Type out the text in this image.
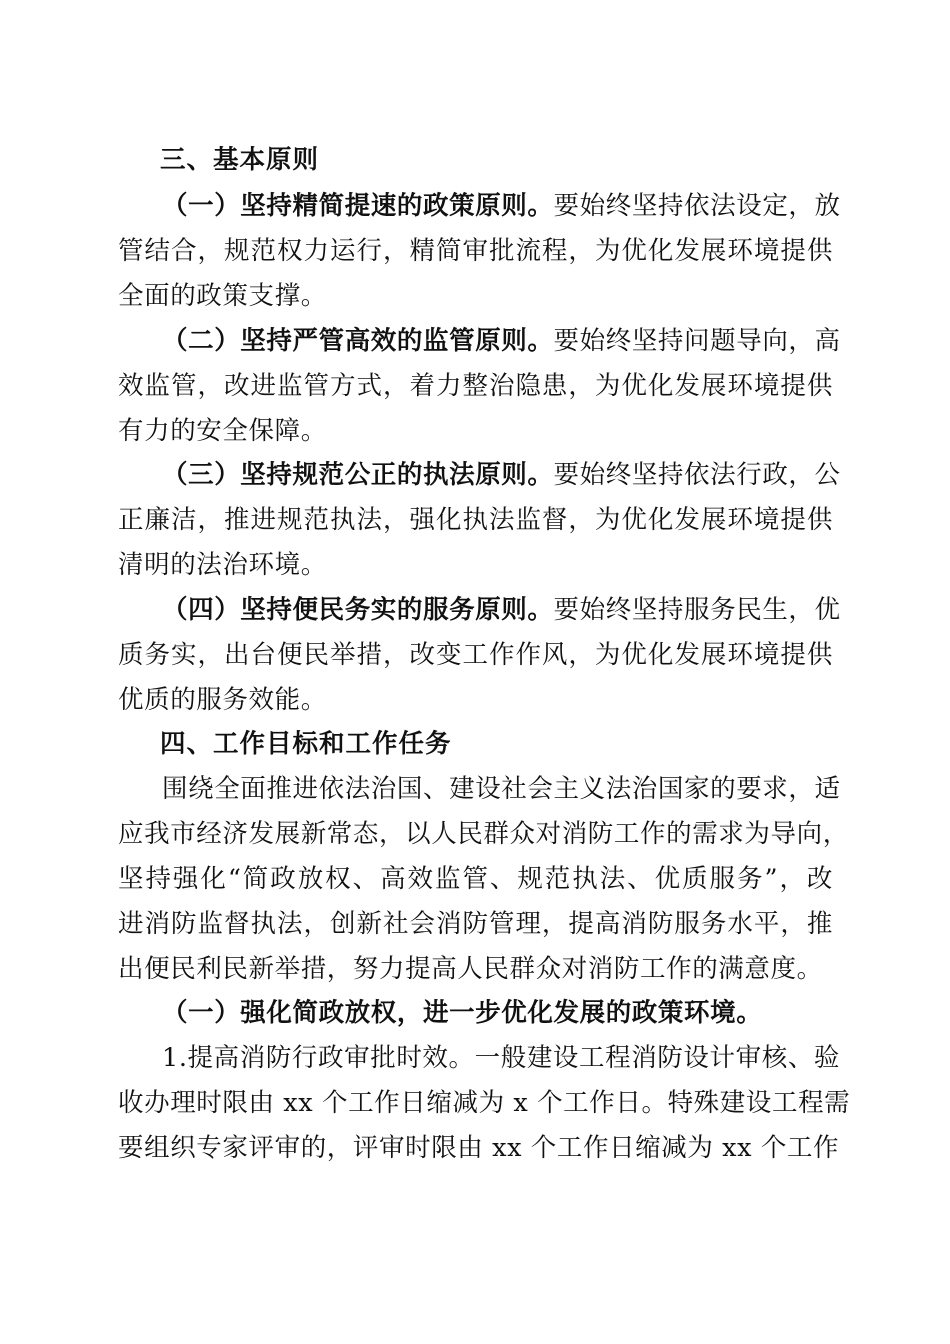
三、基本原则
（一）坚持精简提速的政策原则。要始终坚持依法设定，放
管结合，规范权力运行，精简审批流程，为优化发展环境提供
全面的政策支撑。
（二）坚持严管高效的监管原则。要始终坚持问题导向，高
效监管，改进监管方式，着力整治隐患，为优化发展环境提供
有力的安全保障。
（三）坚持规范公正的执法原则。要始终坚持依法行政，公
正廉洁，推进规范执法，强化执法监督，为优化发展环境提供
清明的法治环境。
（四）坚持便民务实的服务原则。要始终坚持服务民生，优
质务实，出台便民举措，改变工作作风，为优化发展环境提供
优质的服务效能。
四、工作目标和工作任务
围绕全面推进依法治国、建设社会主义法治国家的要求，适
应我市经济发展新常态，以人民群众对消防工作的需求为导向，
坚持强化“简政放权、高效监管、规范执法、优质服务”，改
进消防监督执法，创新社会消防管理，提高消防服务水平，推
出便民利民新举措，努力提高人民群众对消防工作的满意度。
（一）强化简政放权，进一步优化发展的政策环境。
1.提高消防行政审批时效。一般建设工程消防设计审核、验
收办理时限由 xx 个工作日缩减为 x 个工作日。特殊建设工程需
要组织专家评审的，评审时限由 xx 个工作日缩减为 xx 个工作
